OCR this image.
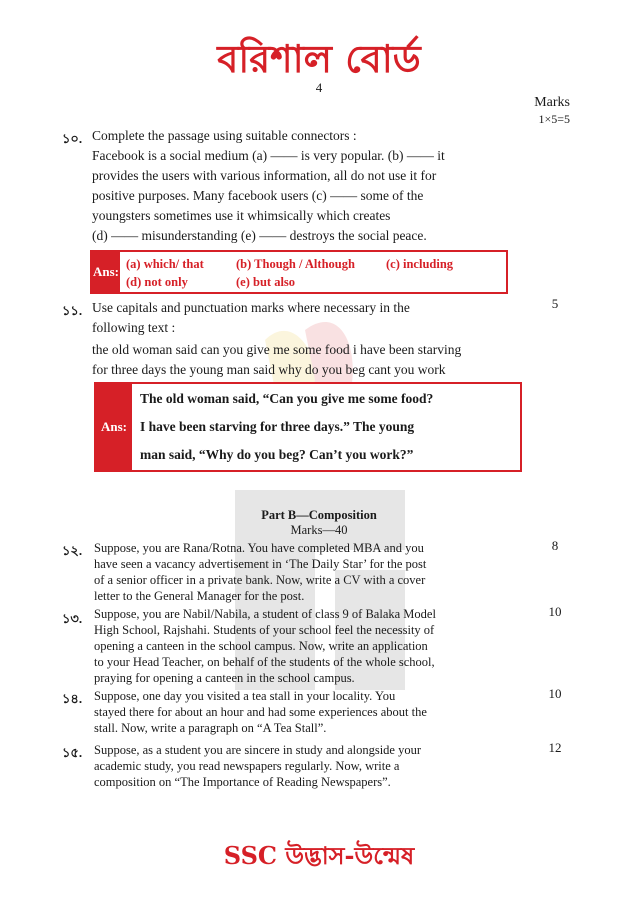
বরিশাল বোর্ড
4
Marks
1×5=5
১০. Complete the passage using suitable connectors :
Facebook is a social medium (a) —— is very popular. (b) —— it
provides the users with various information, all do not use it for
positive purposes. Many facebook users (c) —— some of the
youngsters sometimes use it whimsically which creates
(d) —— misunderstanding (e) —— destroys the social peace.
Ans: (a) which/ that	(b) Though / Although	(c) including
(d) not only	(e) but also
১১.	5
Use capitals and punctuation marks where necessary in the
following text :
the old woman said can you give me some food i have been starving
for three days the young man said why do you beg cant you work
Ans:
The old woman said, “Can you give me some food?
I have been starving for three days.” The young
man said, “Why do you beg? Can’t you work?”
Part B—Composition
Marks—40
১২.	8
Suppose, you are Rana/Rotna. You have completed MBA and you
have seen a vacancy advertisement in ‘The Daily Star’ for the post
of a senior officer in a private bank. Now, write a CV with a cover
letter to the General Manager for the post.
১৩.	10
Suppose, you are Nabil/Nabila, a student of class 9 of Balaka Model
High School, Rajshahi. Students of your school feel the necessity of
opening a canteen in the school campus. Now, write an application
to your Head Teacher, on behalf of the students of the whole school,
praying for opening a canteen in the school campus.
১৪.	10
Suppose, one day you visited a tea stall in your locality. You
stayed there for about an hour and had some experiences about the
stall. Now, write a paragraph on “A Tea Stall”.
১৫.	12
Suppose, as a student you are sincere in study and alongside your
academic study, you read newspapers regularly. Now, write a
composition on “The Importance of Reading Newspapers”.
SSC উদ্ভাস-উন্মেষ
